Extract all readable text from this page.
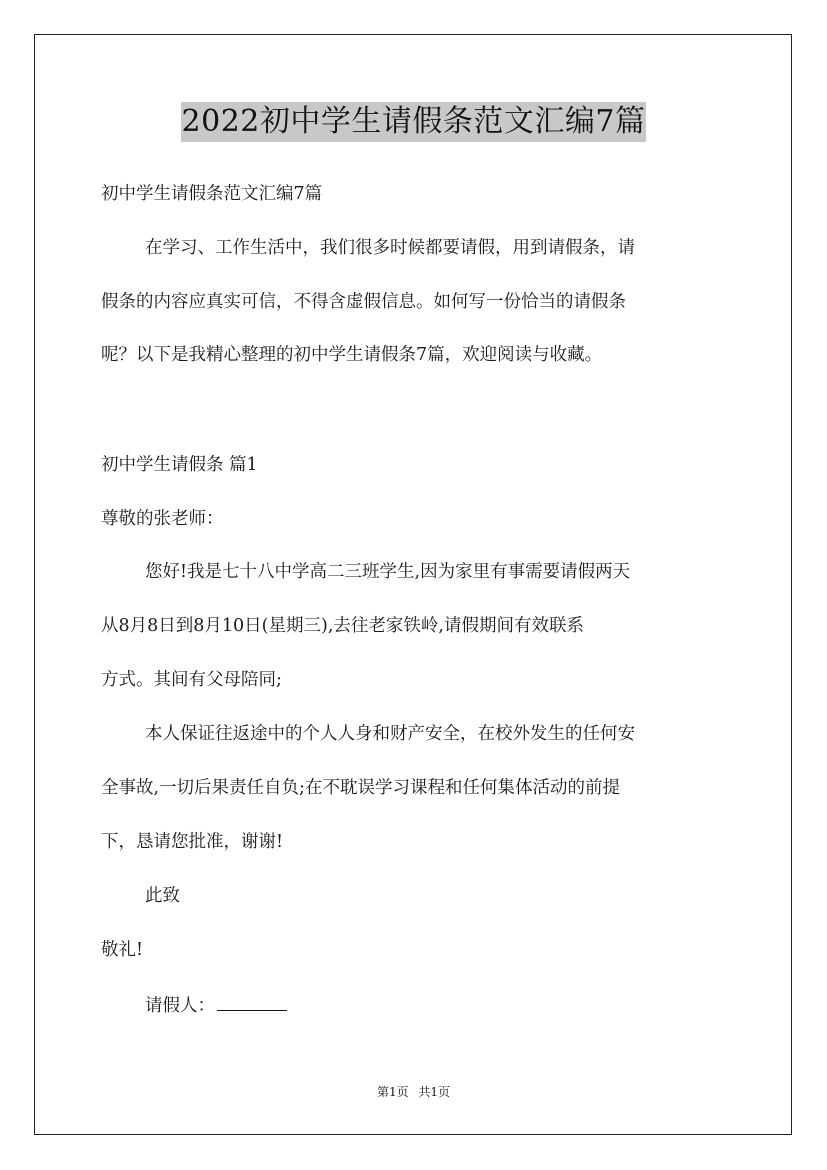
2022初中学生请假条范文汇编7篇
初中学生请假条范文汇编7篇
在学习、工作生活中，我们很多时候都要请假，用到请假条，请
假条的内容应真实可信，不得含虚假信息。如何写一份恰当的请假条
呢？以下是我精心整理的初中学生请假条7篇，欢迎阅读与收藏。
初中学生请假条 篇1
尊敬的张老师：
您好!我是七十八中学高二三班学生,因为家里有事需要请假两天
从8月8日到8月10日(星期三),去往老家铁岭,请假期间有效联系
方式。其间有父母陪同;
本人保证往返途中的个人人身和财产安全，在校外发生的任何安
全事故,一切后果责任自负;在不耽误学习课程和任何集体活动的前提
下，恳请您批准，谢谢!
此致
敬礼!
请假人：
第1页 共1页
